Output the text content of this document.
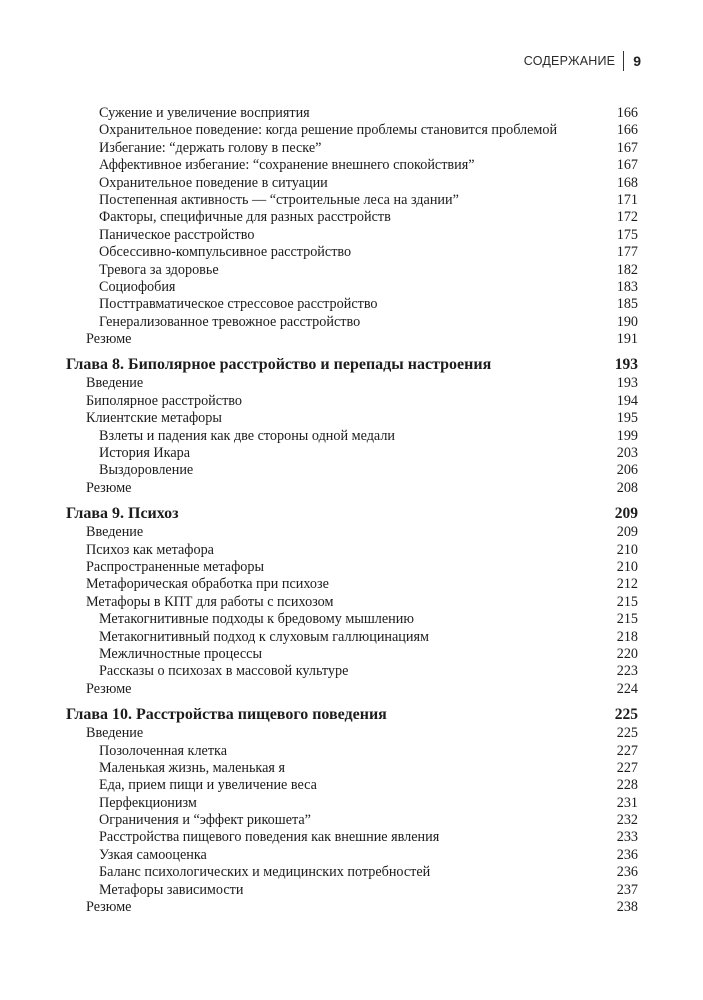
СОДЕРЖАНИЕ 9
Сужение и увеличение восприятия	166
Охранительное поведение: когда решение проблемы становится проблемой	166
Избегание: “держать голову в песке”	167
Аффективное избегание: “сохранение внешнего спокойствия”	167
Охранительное поведение в ситуации	168
Постепенная активность — “строительные леса на здании”	171
Факторы, специфичные для разных расстройств	172
Паническое расстройство	175
Обсессивно-компульсивное расстройство	177
Тревога за здоровье	182
Социофобия	183
Посттравматическое стрессовое расстройство	185
Генерализованное тревожное расстройство	190
Резюме	191
Глава 8. Биполярное расстройство и перепады настроения	193
Введение	193
Биполярное расстройство	194
Клиентские метафоры	195
Взлеты и падения как две стороны одной медали	199
История Икара	203
Выздоровление	206
Резюме	208
Глава 9. Психоз	209
Введение	209
Психоз как метафора	210
Распространенные метафоры	210
Метафорическая обработка при психозе	212
Метафоры в КПТ для работы с психозом	215
Метакогнитивные подходы к бредовому мышлению	215
Метакогнитивный подход к слуховым галлюцинациям	218
Межличностные процессы	220
Рассказы о психозах в массовой культуре	223
Резюме	224
Глава 10. Расстройства пищевого поведения	225
Введение	225
Позолоченная клетка	227
Маленькая жизнь, маленькая я	227
Еда, прием пищи и увеличение веса	228
Перфекционизм	231
Ограничения и “эффект рикошета”	232
Расстройства пищевого поведения как внешние явления	233
Узкая самооценка	236
Баланс психологических и медицинских потребностей	236
Метафоры зависимости	237
Резюме	238
